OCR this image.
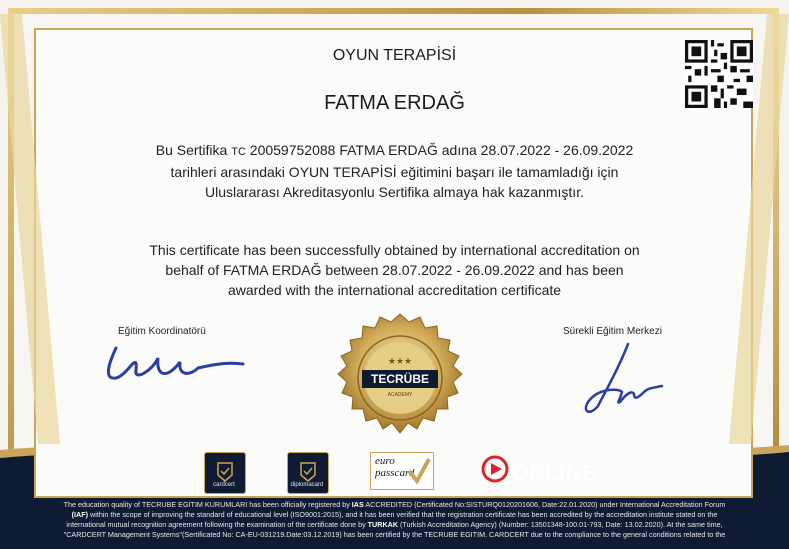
OYUN TERAPİSİ
FATMA ERDAĞ
Bu Sertifika TC 20059752088 FATMA ERDAĞ adına 28.07.2022 - 26.09.2022
tarihleri arasındaki OYUN TERAPİSİ eğitimini başarı ile tamamladığı için
Uluslararası Akreditasyonlu Sertifika almaya hak kazanmıştır.
This certificate has been successfully obtained by international accreditation on
behalf of FATMA ERDAĞ between 28.07.2022 - 26.09.2022 and has been
awarded with the international accreditation certificate
Eğitim Koordinatörü	Sürekli Eğitim Merkezi
TECRÜBE
ACADEMY
★★★
cardcert	diplomacard
euro passcard
TECRÜBE
ONLINE
The education quality of TECRUBE EGITIM KURUMLARI has been officially registered by IAS ACCREDITED (Certificated No:SISTURQ0120201606, Date:22.01.2020) under International Accreditation Forum
(IAF) within the scope of improving the standard of educational level (ISO9001:2015), and it has been verified that the registration certificate has been accredited by the accreditation institute stated on the
international mutual recognition agreement following the examination of the certificate done by TURKAK (Turkish Accreditation Agency) (Number: 13501348-100.01-793, Date: 13.02.2020). At the same time,
"CARDCERT Management Systems"(Sertificated No: CA-EU-031219.Date:03.12.2019) has been certified by the TECRUBE EGITIM. CARDCERT due to the compliance to the general conditions related to the
